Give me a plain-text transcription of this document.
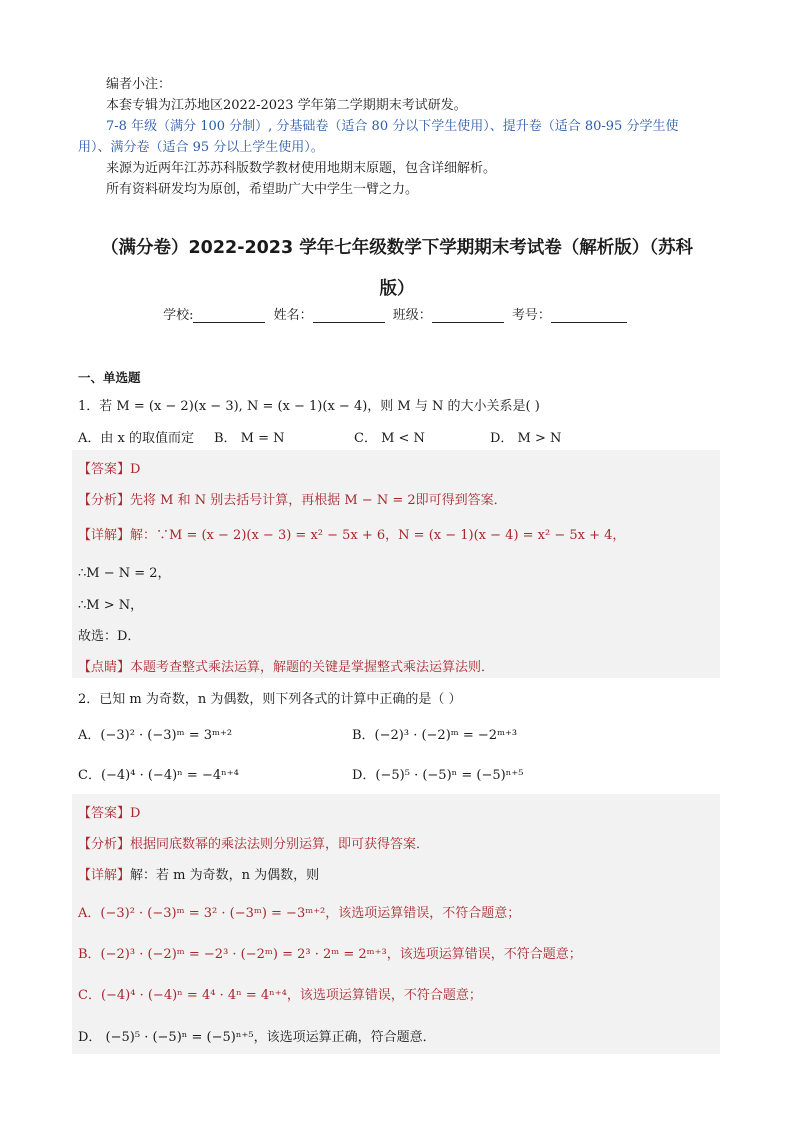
编者小注：
本套专辑为江苏地区2022-2023 学年第二学期期末考试研发。
7-8 年级（满分 100 分制）, 分基础卷（适合 80 分以下学生使用）、提升卷（适合 80-95 分学生使
用）、满分卷（适合 95 分以上学生使用）。
来源为近两年江苏苏科版数学教材使用地期末原题，包含详细解析。
所有资料研发均为原创，希望助广大中学生一臂之力。
（满分卷）2022-2023 学年七年级数学下学期期末考试卷（解析版）（苏科
版）
学校:	姓名：	班级：	考号：
一、单选题
1．若 M = (x − 2)(x − 3), N = (x − 1)(x − 4)，则 M 与 N 的大小关系是( )
A．由 x 的取值而定 B． M = N	C． M < N	D． M > N
【答案】D
【分析】先将 M 和 N 别去括号计算，再根据 M − N = 2即可得到答案．
【详解】解：∵M = (x − 2)(x − 3) = x² − 5x + 6，N = (x − 1)(x − 4) = x² − 5x + 4，
∴M − N = 2，
∴M > N，
故选：D．
【点睛】本题考查整式乘法运算，解题的关键是掌握整式乘法运算法则．
2．已知 m 为奇数，n 为偶数，则下列各式的计算中正确的是（ ）
A．(−3)² · (−3)ᵐ = 3ᵐ⁺²	B．(−2)³ · (−2)ᵐ = −2ᵐ⁺³
C．(−4)⁴ · (−4)ⁿ = −4ⁿ⁺⁴	D．(−5)⁵ · (−5)ⁿ = (−5)ⁿ⁺⁵
【答案】D
【分析】根据同底数幂的乘法法则分别运算，即可获得答案．
【详解】解：若 m 为奇数，n 为偶数，则
A．(−3)² · (−3)ᵐ = 3² · (−3ᵐ) = −3ᵐ⁺²，该选项运算错误，不符合题意；
B．(−2)³ · (−2)ᵐ = −2³ · (−2ᵐ) = 2³ · 2ᵐ = 2ᵐ⁺³，该选项运算错误，不符合题意；
C．(−4)⁴ · (−4)ⁿ = 4⁴ · 4ⁿ = 4ⁿ⁺⁴，该选项运算错误，不符合题意；
D． (−5)⁵ · (−5)ⁿ = (−5)ⁿ⁺⁵，该选项运算正确，符合题意．
